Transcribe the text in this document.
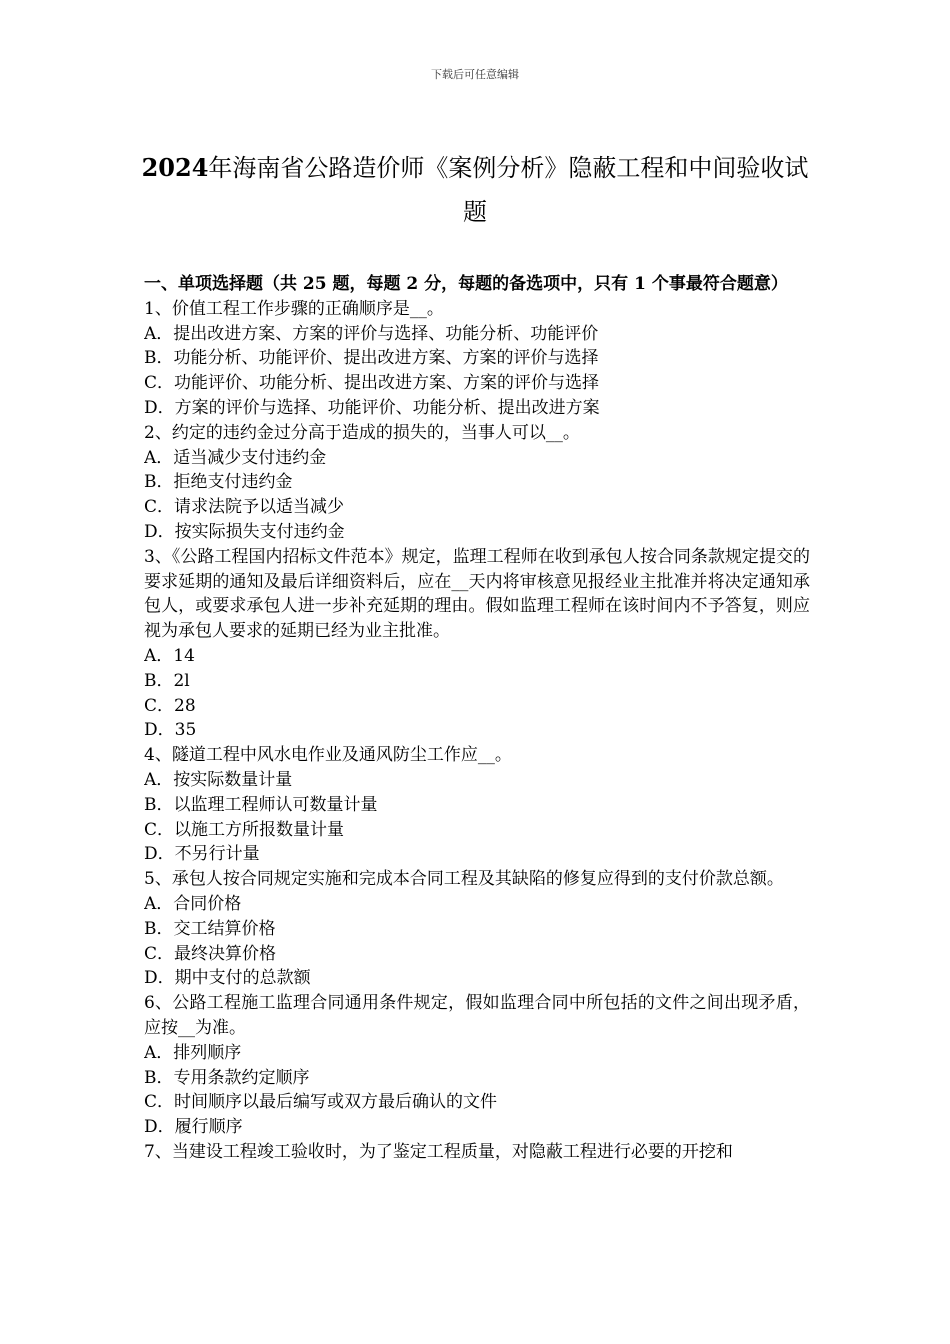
下载后可任意编辑
2024年海南省公路造价师《案例分析》隐蔽工程和中间验收试题
一、单项选择题（共 25 题，每题 2 分，每题的备选项中，只有 1 个事最符合题意）
1、价值工程工作步骤的正确顺序是__。
A．提出改进方案、方案的评价与选择、功能分析、功能评价
B．功能分析、功能评价、提出改进方案、方案的评价与选择
C．功能评价、功能分析、提出改进方案、方案的评价与选择
D．方案的评价与选择、功能评价、功能分析、提出改进方案
2、约定的违约金过分高于造成的损失的，当事人可以__。
A．适当减少支付违约金
B．拒绝支付违约金
C．请求法院予以适当减少
D．按实际损失支付违约金
3、《公路工程国内招标文件范本》规定，监理工程师在收到承包人按合同条款规定提交的要求延期的通知及最后详细资料后，应在__天内将审核意见报经业主批准并将决定通知承包人，或要求承包人进一步补充延期的理由。假如监理工程师在该时间内不予答复，则应视为承包人要求的延期已经为业主批准。
A．14
B．2l
C．28
D．35
4、隧道工程中风水电作业及通风防尘工作应__。
A．按实际数量计量
B．以监理工程师认可数量计量
C．以施工方所报数量计量
D．不另行计量
5、承包人按合同规定实施和完成本合同工程及其缺陷的修复应得到的支付价款总额。
A．合同价格
B．交工结算价格
C．最终决算价格
D．期中支付的总款额
6、公路工程施工监理合同通用条件规定，假如监理合同中所包括的文件之间出现矛盾，应按__为准。
A．排列顺序
B．专用条款约定顺序
C．时间顺序以最后编写或双方最后确认的文件
D．履行顺序
7、当建设工程竣工验收时，为了鉴定工程质量，对隐蔽工程进行必要的开挖和
